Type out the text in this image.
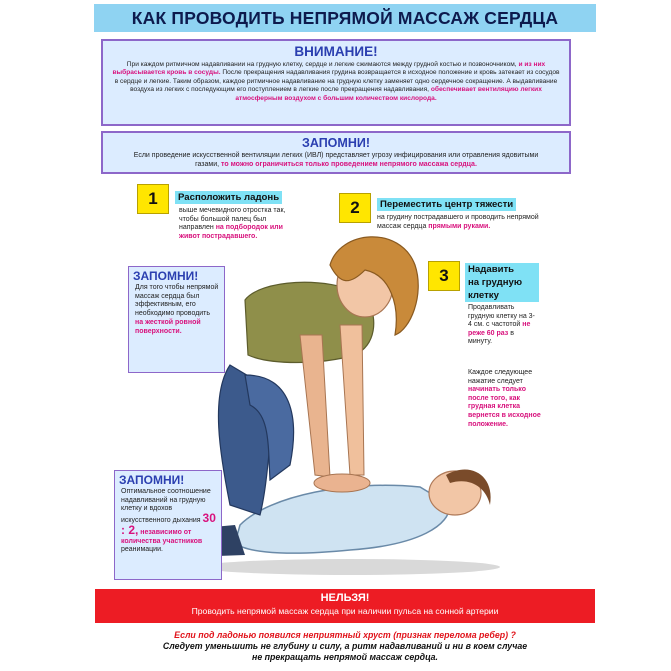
КАК ПРОВОДИТЬ НЕПРЯМОЙ МАССАЖ СЕРДЦА
ВНИМАНИЕ!
При каждом ритмичном надавливании на грудную клетку, сердце и легкие сжимаются между грудной костью и позвоночником, и из них выбрасывается кровь в сосуды. После прекращения надавливания грудина возвращается в исходное положение и кровь затекает из сосудов в сердце и легкие. Таким образом, каждое ритмичное надавливание на грудную клетку заменяет одно сердечное сокращение. А выдавливание воздуха из легких с последующим его поступлением в легкие после прекращения надавливания, обеспечивает вентиляцию легких атмосферным воздухом с большим количеством кислорода.
ЗАПОМНИ!
Если проведение искусственной вентиляции легких (ИВЛ) представляет угрозу инфицирования или отравления ядовитыми газами, то можно ограничиться только проведением непрямого массажа сердца.
1	Расположить ладонь
выше мечевидного отростка так, чтобы большой палец был направлен на подбородок или живот пострадавшего.
2	Переместить центр тяжести
на грудину пострадавшего и проводить непрямой массаж сердца прямыми руками.
3	Надавить
на грудную
клетку
Продавливать грудную клетку на 3-4 см. с частотой не реже 60 раз в минуту.
Каждое следующее нажатие следует начинать только после того, как грудная клетка вернется в исходное положение.
ЗАПОМНИ!
Для того чтобы непрямой массаж сердца был эффективным, его необходимо проводить на жесткой ровной поверхности.
ЗАПОМНИ!
Оптимальное соотношение надавливаний на грудную клетку и вдохов искусственного дыхания 30 : 2, независимо от количества участников реанимации.
НЕЛЬЗЯ!
Проводить непрямой массаж сердца при наличии пульса на сонной артерии
Если под ладонью появился неприятный хруст (признак перелома ребер) ?
Следует уменьшить не глубину и силу, а ритм надавливаний и ни в коем случае
не прекращать непрямой массаж сердца.
